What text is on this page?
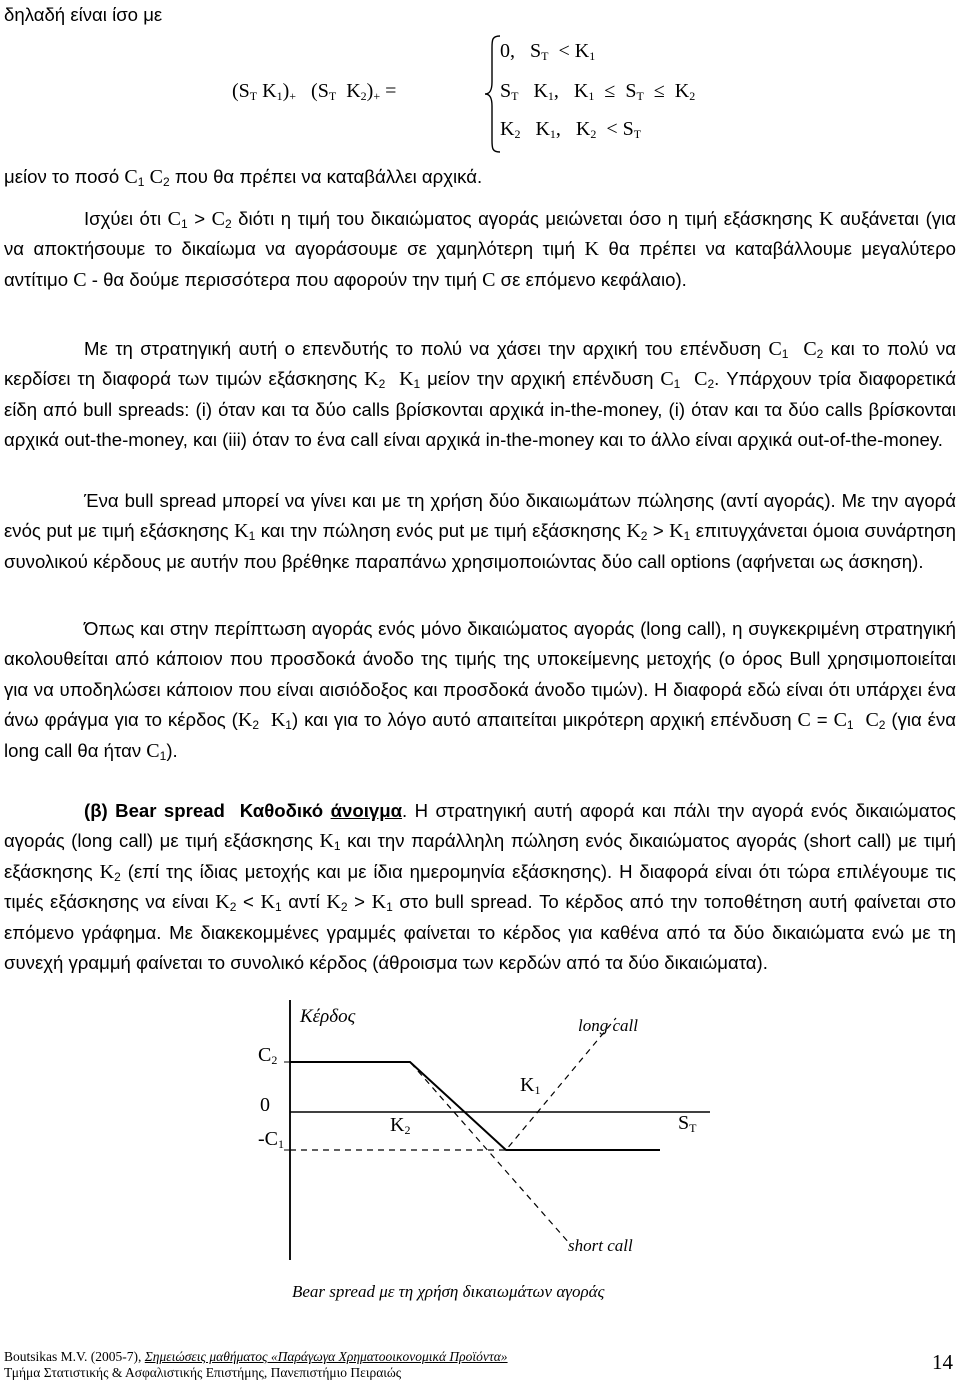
δηλαδή είναι ίσο με
($S_T$ $K_1)_+$   ($S_T$  $K_2)_+$ =
0,   $S_T < K_1$
$S_T$   $K_1$,   $K_1 \le S_T \le K_2$
$K_2$   $K_1$,   $K_2 < S_T$
μείον το ποσό $C_1$ $C_2$ που θα πρέπει να καταβάλλει αρχικά.

Ισχύει ότι $C_1 > C_2$ διότι η τιμή του δικαιώματος αγοράς μειώνεται όσο η τιμή εξάσκησης K αυξάνεται (για να αποκτήσουμε το δικαίωμα να αγοράσουμε σε χαμηλότερη τιμή K θα πρέπει να καταβάλλουμε μεγαλύτερο αντίτιμο C - θα δούμε περισσότερα που αφορούν την τιμή C σε επόμενο κεφάλαιο).

Με τη στρατηγική αυτή ο επενδυτής το πολύ να χάσει την αρχική του επένδυση $C_1$ $C_2$ και το πολύ να κερδίσει τη διαφορά των τιμών εξάσκησης $K_2$ $K_1$ μείον την αρχική επένδυση $C_1$ $C_2$. Υπάρχουν τρία διαφορετικά είδη από bull spreads: (i) όταν και τα δύο calls βρίσκονται αρχικά in-the-money, (i) όταν και τα δύο calls βρίσκονται αρχικά out-the-money, και (iii) όταν το ένα call είναι αρχικά in-the-money και το άλλο είναι αρχικά out-of-the-money.

Ένα bull spread μπορεί να γίνει και με τη χρήση δύο δικαιωμάτων πώλησης (αντί αγοράς). Με την αγορά ενός put με τιμή εξάσκησης $K_1$ και την πώληση ενός put με τιμή εξάσκησης $K_2 > K_1$ επιτυγχάνεται όμοια συνάρτηση συνολικού κέρδους με αυτήν που βρέθηκε παραπάνω χρησιμοποιώντας δύο call options (αφήνεται ως άσκηση).

Όπως και στην περίπτωση αγοράς ενός μόνο δικαιώματος αγοράς (long call), η συγκεκριμένη στρατηγική ακολουθείται από κάποιον που προσδοκά άνοδο της τιμής της υποκείμενης μετοχής (ο όρος Bull χρησιμοποιείται για να υποδηλώσει κάποιον που είναι αισιόδοξος και προσδοκά άνοδο τιμών). Η διαφορά εδώ είναι ότι υπάρχει ένα άνω φράγμα για το κέρδος ($K_2$ $K_1$) και για το λόγο αυτό απαιτείται μικρότερη αρχική επένδυση $C = C_1$ $C_2$ (για ένα long call θα ήταν $C_1$).

(β) Bear spread  Καθοδικό άνοιγμα. Η στρατηγική αυτή αφορά και πάλι την αγορά ενός δικαιώματος αγοράς (long call) με τιμή εξάσκησης $K_1$ και την παράλληλη πώληση ενός δικαιώματος αγοράς (short call) με τιμή εξάσκησης $K_2$ (επί της ίδιας μετοχής και με ίδια ημερομηνία εξάσκησης). Η διαφορά είναι ότι τώρα επιλέγουμε τις τιμές εξάσκησης να είναι $K_2 < K_1$ αντί $K_2 > K_1$ στο bull spread. Το κέρδος από την τοποθέτηση αυτή φαίνεται στο επόμενο γράφημα. Με διακεκομμένες γραμμές φαίνεται το κέρδος για καθένα από τα δύο δικαιώματα ενώ με τη συνεχή γραμμή φαίνεται το συνολικό κέρδος (άθροισμα των κερδών από τα δύο δικαιώματα).

Κέρδος	long call
$C_2$
$K_1$
0
$K_2$	$S_T$
$-C_1$
short call
Bear spread με τη χρήση δικαιωμάτων αγοράς
Boutsikas M.V. (2005-7), Σημειώσεις μαθήματος «Παράγωγα Χρηματοοικονομικά Προϊόντα»
Τμήμα Στατιστικής & Ασφαλιστικής Επιστήμης, Πανεπιστήμιο Πειραιώς	14
